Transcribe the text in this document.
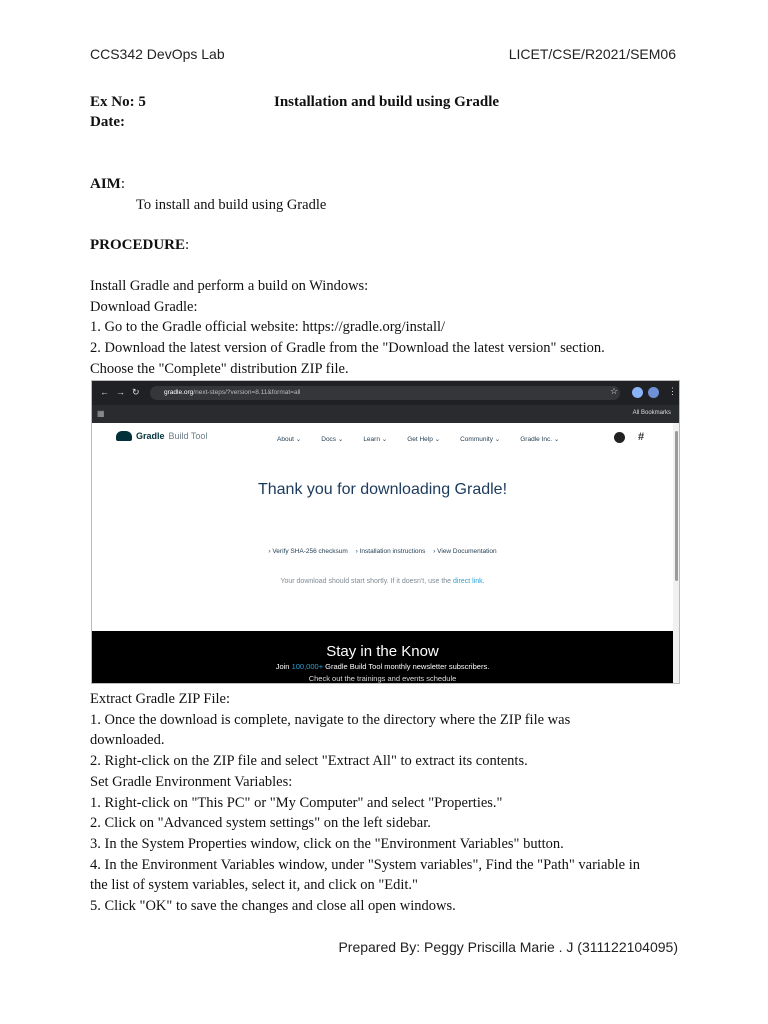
CCS342 DevOps Lab	LICET/CSE/R2021/SEM06
Ex No: 5	Installation and build using Gradle
Date:
AIM:
To install and build using Gradle
PROCEDURE:
Install Gradle and perform a build on Windows:
Download Gradle:
1. Go to the Gradle official website: https://gradle.org/install/
2. Download the latest version of Gradle from the "Download the latest version" section.
Choose the "Complete" distribution ZIP file.
← → ↻	gradle.org/next-steps/?version=8.11&format=all	☆	⋮
▦	All Bookmarks
Gradle Build Tool	About ⌄	Docs ⌄	Learn ⌄	Get Help ⌄	Community ⌄	Gradle Inc. ⌄	#
Thank you for downloading Gradle!
› Verify SHA-256 checksum › Installation instructions › View Documentation
Your download should start shortly. If it doesn't, use the direct link.
Stay in the Know
Join 100,000+ Gradle Build Tool monthly newsletter subscribers.
Check out the trainings and events schedule
Extract Gradle ZIP File:
1. Once the download is complete, navigate to the directory where the ZIP file was
downloaded.
2. Right-click on the ZIP file and select "Extract All" to extract its contents.
Set Gradle Environment Variables:
1. Right-click on "This PC" or "My Computer" and select "Properties."
2. Click on "Advanced system settings" on the left sidebar.
3. In the System Properties window, click on the "Environment Variables" button.
4. In the Environment Variables window, under "System variables", Find the "Path" variable in
the list of system variables, select it, and click on "Edit."
5. Click "OK" to save the changes and close all open windows.
Prepared By: Peggy Priscilla Marie . J (311122104095)
